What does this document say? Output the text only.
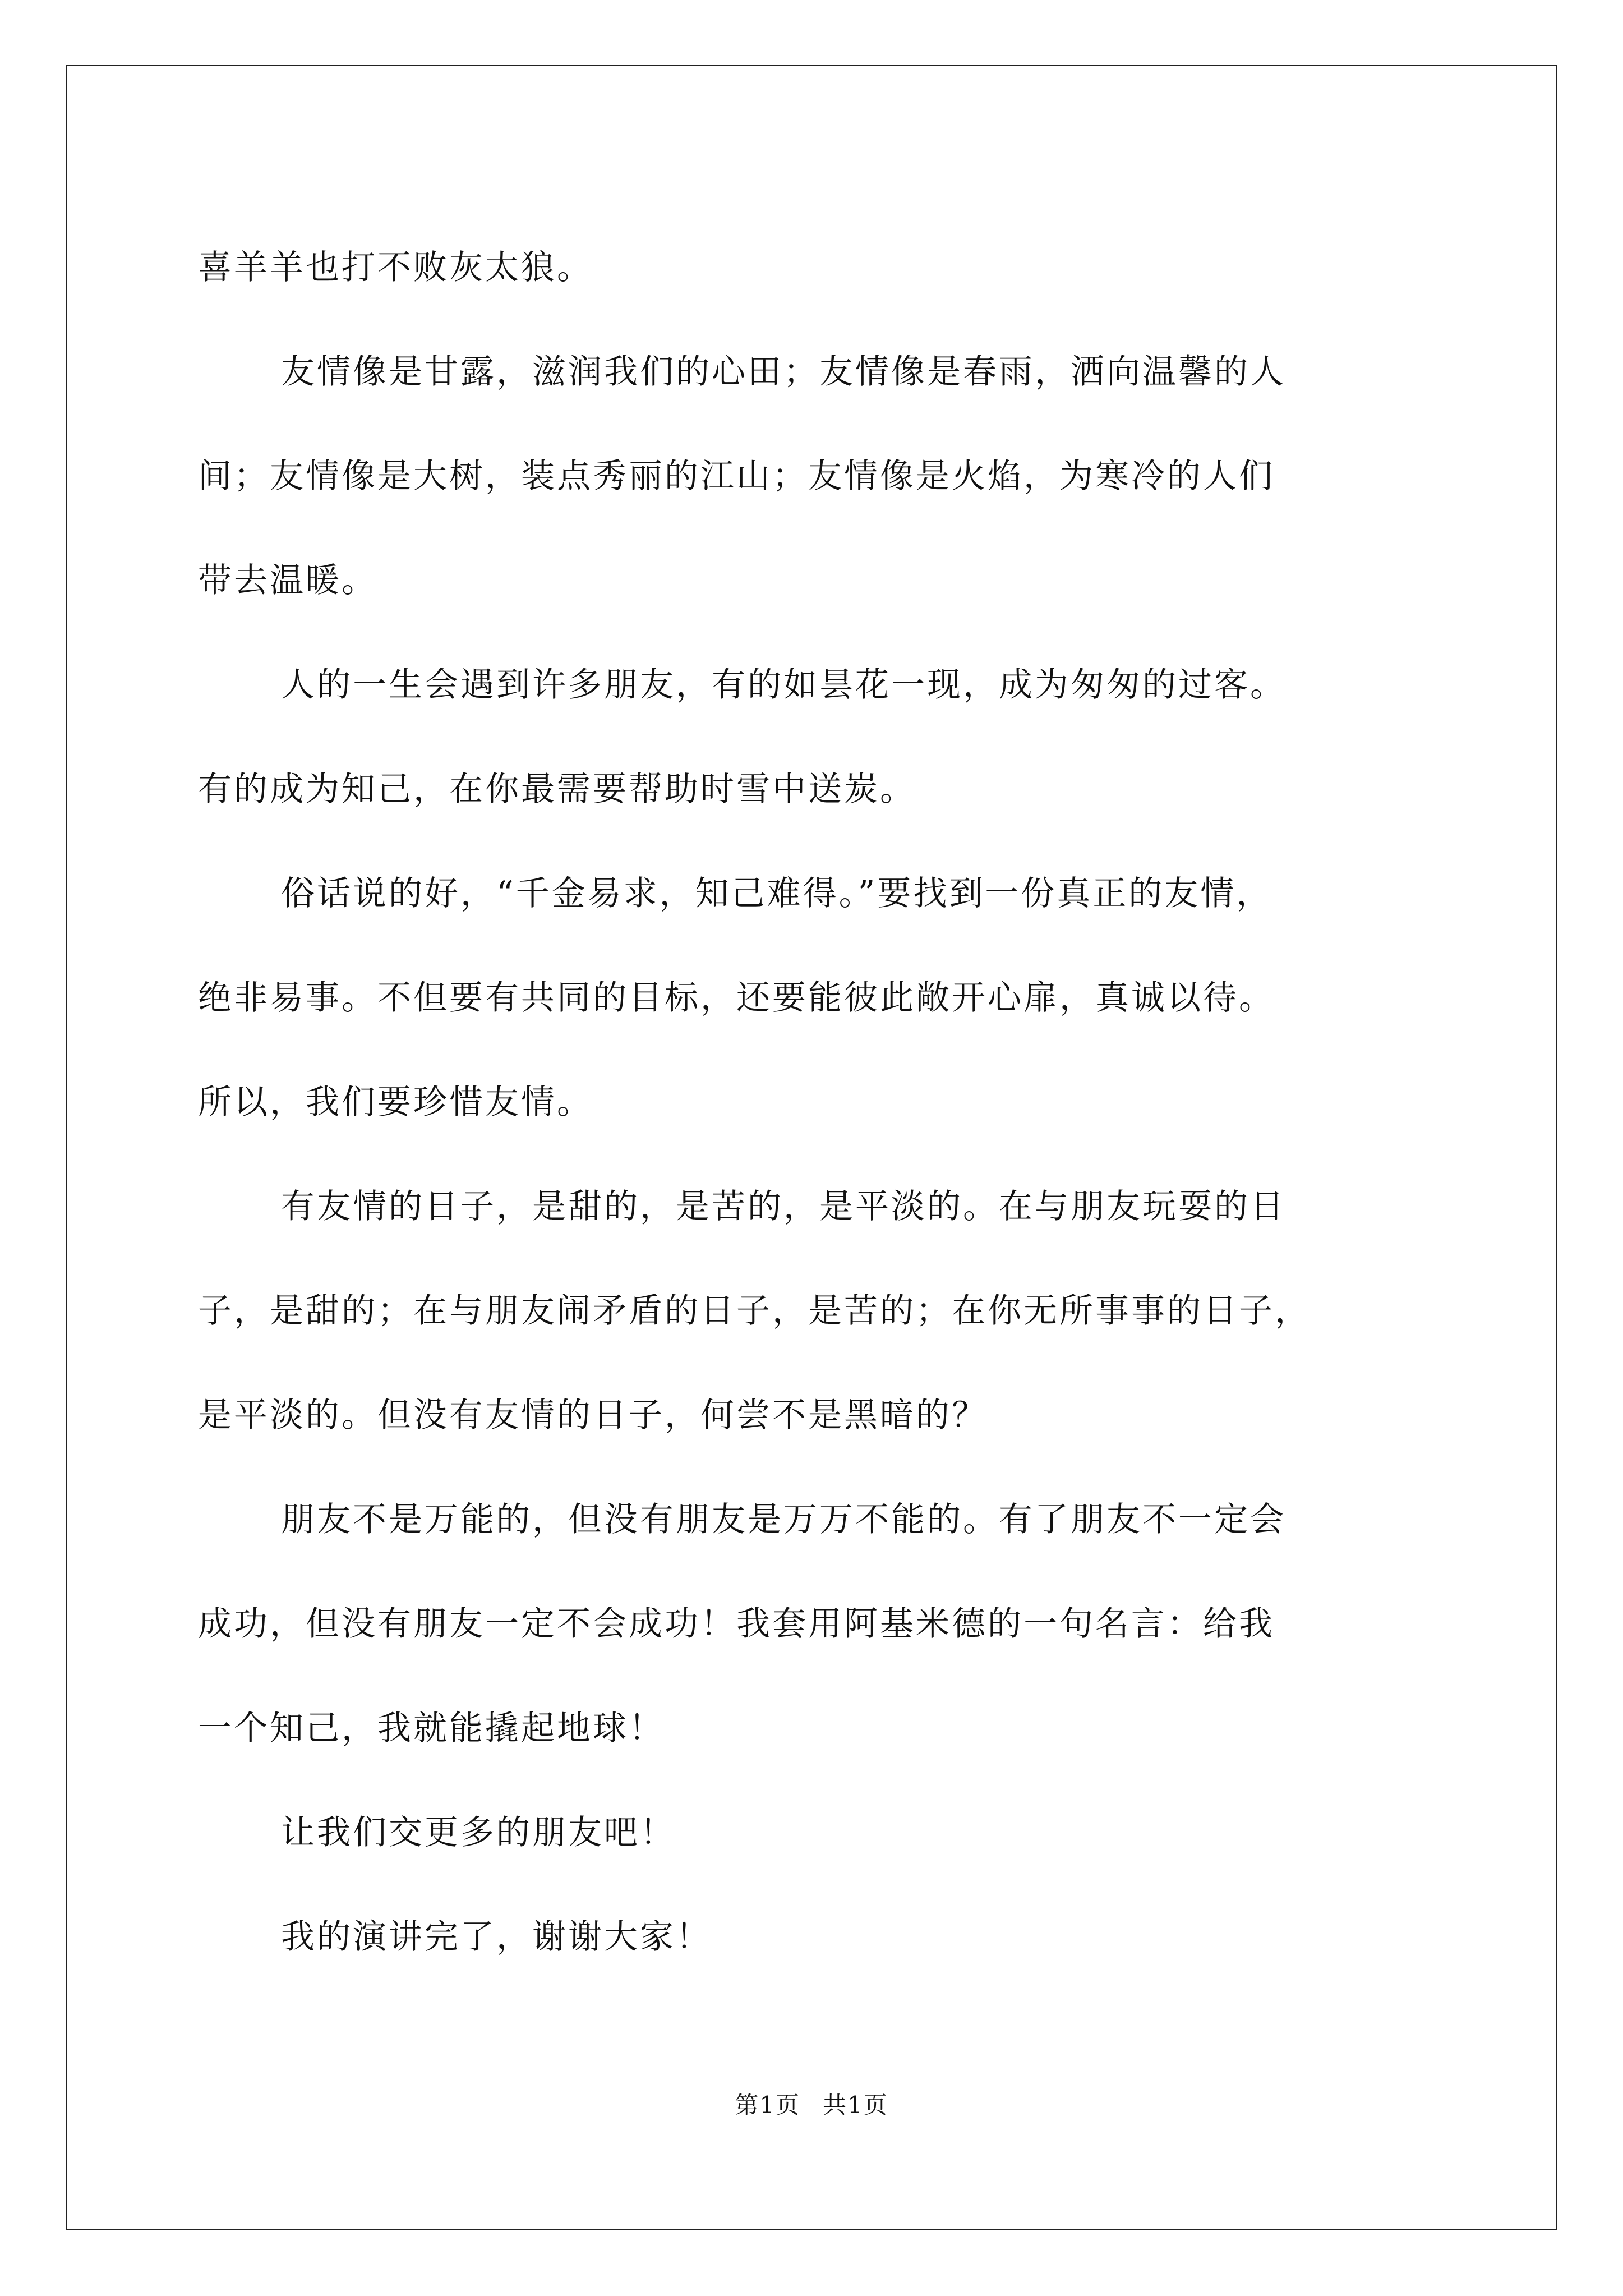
喜羊羊也打不败灰太狼。
友情像是甘露，滋润我们的心田；友情像是春雨，洒向温馨的人
间；友情像是大树，装点秀丽的江山；友情像是火焰，为寒冷的人们
带去温暖。
人的一生会遇到许多朋友，有的如昙花一现，成为匆匆的过客。
有的成为知己，在你最需要帮助时雪中送炭。
俗话说的好，“千金易求，知己难得。”要找到一份真正的友情，
绝非易事。不但要有共同的目标，还要能彼此敞开心扉，真诚以待。
所以，我们要珍惜友情。
有友情的日子，是甜的，是苦的，是平淡的。在与朋友玩耍的日
子，是甜的；在与朋友闹矛盾的日子，是苦的；在你无所事事的日子，
是平淡的。但没有友情的日子，何尝不是黑暗的？
朋友不是万能的，但没有朋友是万万不能的。有了朋友不一定会
成功，但没有朋友一定不会成功！我套用阿基米德的一句名言：给我
一个知己，我就能撬起地球！
让我们交更多的朋友吧！
我的演讲完了，谢谢大家！
第1页 共1页
